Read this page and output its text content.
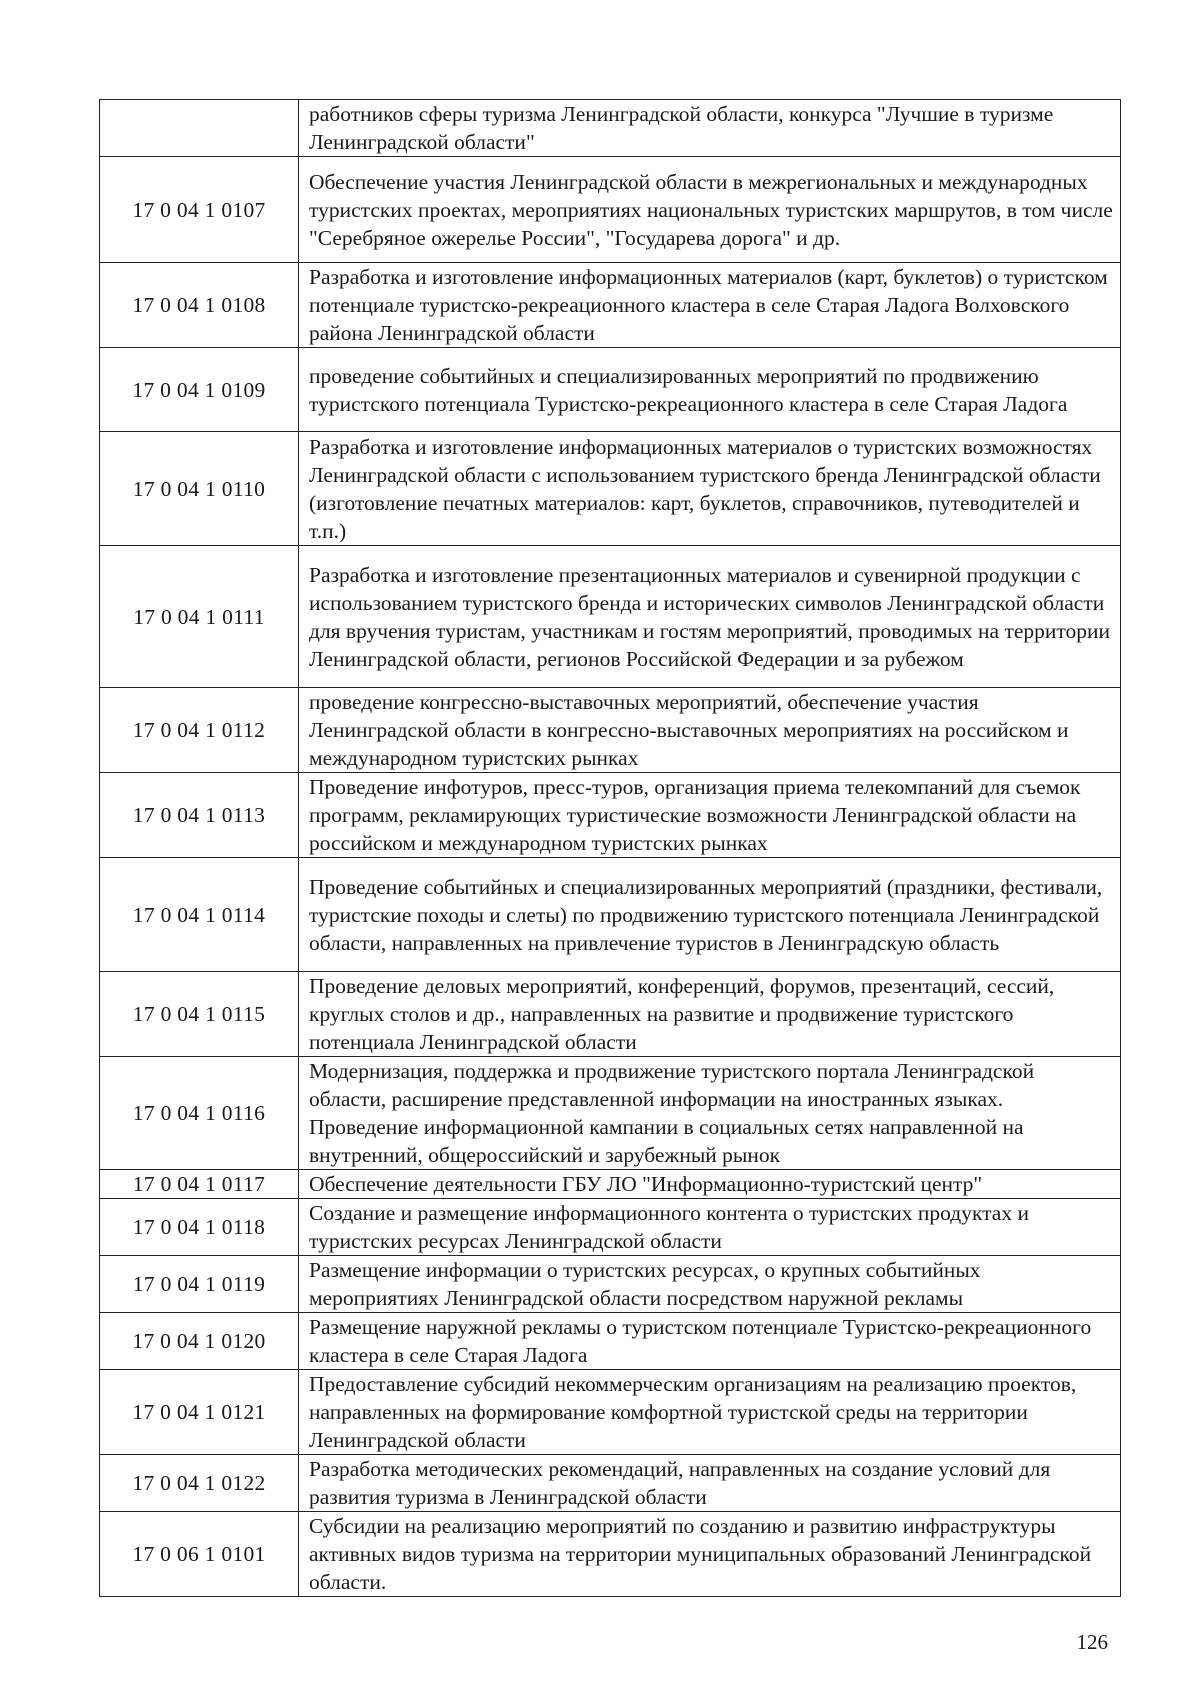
	работников сферы туризма Ленинградской области, конкурса "Лучшие в туризме Ленинградской области"
17 0 04 1 0107	Обеспечение участия Ленинградской области в межрегиональных и международных туристских проектах, мероприятиях национальных туристских маршрутов, в том числе "Серебряное ожерелье России", "Государева дорога" и др.
17 0 04 1 0108	Разработка и изготовление информационных материалов (карт, буклетов) о туристском потенциале туристско-рекреационного кластера в селе Старая Ладога Волховского района Ленинградской области
17 0 04 1 0109	проведение событийных и специализированных мероприятий по продвижению туристского потенциала Туристско-рекреационного кластера в селе Старая Ладога
17 0 04 1 0110	Разработка и изготовление информационных материалов о туристских возможностях Ленинградской области с использованием туристского бренда Ленинградской области (изготовление печатных материалов: карт, буклетов, справочников, путеводителей и т.п.)
17 0 04 1 0111	Разработка и изготовление презентационных материалов и сувенирной продукции с использованием туристского бренда и исторических символов Ленинградской области для вручения туристам, участникам и гостям мероприятий, проводимых на территории Ленинградской области, регионов Российской Федерации и за рубежом
17 0 04 1 0112	проведение конгрессно-выставочных мероприятий, обеспечение участия Ленинградской области в конгрессно-выставочных мероприятиях на российском и международном туристских рынках
17 0 04 1 0113	Проведение инфотуров, пресс-туров, организация приема телекомпаний для съемок программ, рекламирующих туристические возможности Ленинградской области на российском и международном туристских рынках
17 0 04 1 0114	Проведение событийных и специализированных мероприятий (праздники, фестивали, туристские походы и слеты) по продвижению туристского потенциала Ленинградской области, направленных на привлечение туристов в Ленинградскую область
17 0 04 1 0115	Проведение деловых мероприятий, конференций, форумов, презентаций, сессий, круглых столов и др., направленных на развитие и продвижение туристского потенциала Ленинградской области
17 0 04 1 0116	Модернизация, поддержка и продвижение туристского портала Ленинградской области, расширение представленной информации на иностранных языках. Проведение информационной кампании в социальных сетях направленной на внутренний, общероссийский и зарубежный рынок
17 0 04 1 0117	Обеспечение деятельности ГБУ ЛО "Информационно-туристский центр"
17 0 04 1 0118	Создание и размещение информационного контента о туристских продуктах и туристских ресурсах Ленинградской области
17 0 04 1 0119	Размещение информации о туристских ресурсах, о крупных событийных мероприятиях Ленинградской области посредством наружной рекламы
17 0 04 1 0120	Размещение наружной рекламы о туристском потенциале Туристско-рекреационного кластера в селе Старая Ладога
17 0 04 1 0121	Предоставление субсидий некоммерческим организациям на реализацию проектов, направленных на формирование комфортной туристской среды на территории Ленинградской области
17 0 04 1 0122	Разработка методических рекомендаций, направленных на создание условий для развития туризма в Ленинградской области
17 0 06 1 0101	Субсидии на реализацию мероприятий по созданию и развитию инфраструктуры активных видов туризма на территории муниципальных образований Ленинградской области.
126
